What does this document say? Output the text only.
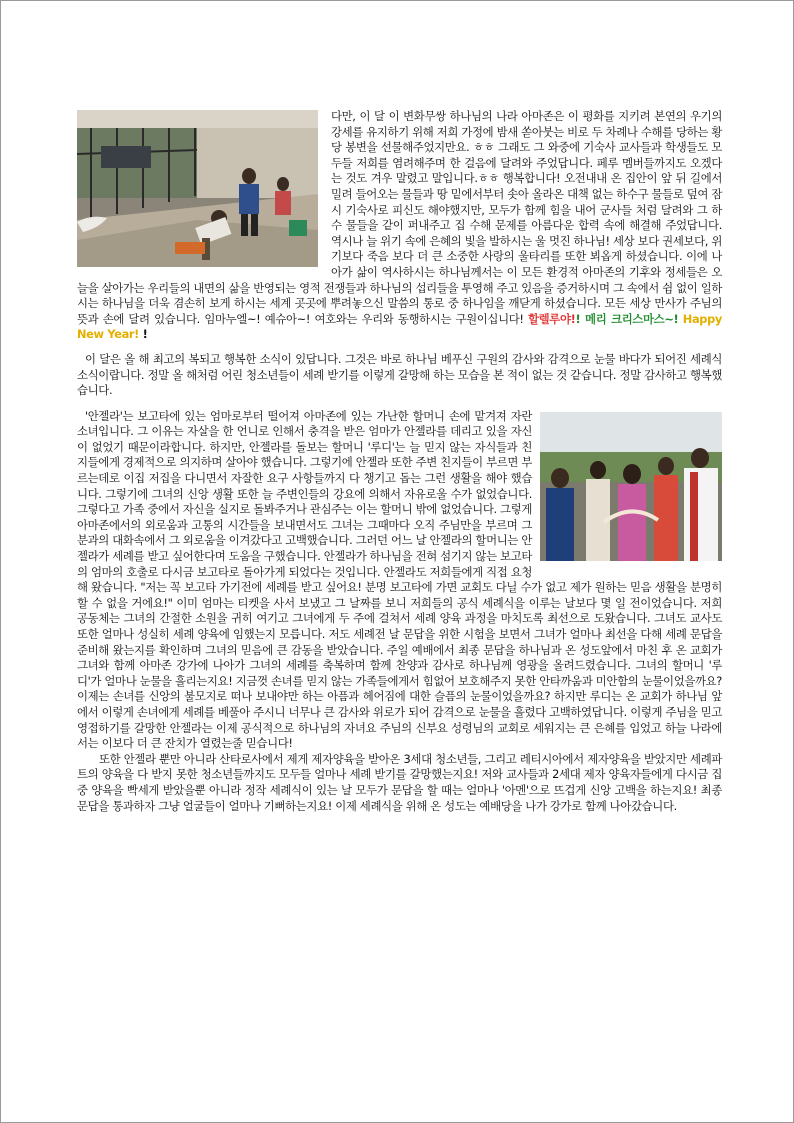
다만, 이 달 이 변화무쌍 하나님의 나라 아마존은 이 평화를 지키려 본연의 우기의 강세를 유지하기 위해 저희 가정에 밤새 쏟아붓는 비로 두 차례나 수해를 당하는 황당 봉변을 선물해주었지만요. ㅎㅎ 그래도 그 와중에 기숙사 교사들과 학생들도 모두들 저희를 염려해주며 한 걸음에 달려와 주었답니다. 페루 멤버들까지도 오겠다는 것도 겨우 말렸고 말입니다.ㅎㅎ 행복합니다! 오전내내 온 집안이 앞 뒤 길에서 밀려 들어오는 물들과 땅 밑에서부터 솟아 올라온 대책 없는 하수구 물들로 덮여 잠시 기숙사로 피신도 해야했지만, 모두가 함께 힘을 내어 군사들 처럼 달려와 그 하수 물들을 같이 퍼내주고 집 수해 문제를 아름다운 합력 속에 해결해 주었답니다. 역시나 늘 위기 속에 은혜의 빛을 발하시는 울 멋진 하나님! 세상 보다 권세보다, 위기보다 죽음 보다 더 큰 소중한 사랑의 울타리를 또한 뵈옵게 하셨습니다. 이에 나아가 삶이 역사하시는 하나님께서는 이 모든 환경적 아마존의 기후와 정세들은 오늘을 살아가는 우리들의 내면의 삶을 반영되는 영적 전쟁들과 하나님의 섭리들을 투영해 주고 있음을 증거하시며 그 속에서 쉼 없이 일하시는 하나님을 더욱 겸손히 보게 하시는 세계 곳곳에 뿌려놓으신 말씀의 통로 중 하나임을 깨닫게 하셨습니다. 모든 세상 만사가 주님의 뜻과 손에 달려 있습니다. 임마누엘~! 예슈아~! 여호와는 우리와 동행하시는 구원이십니다! 할렐루야!! 메리 크리스마스~! Happy New Year! !

이 달은 올 해 최고의 복되고 행복한 소식이 있답니다. 그것은 바로 하나님 베푸신 구원의 감사와 감격으로 눈물 바다가 되어진 세례식 소식이랍니다. 정말 올 해처럼 어린 청소년들이 세례 받기를 이렇게 갈망해 하는 모습을 본 적이 없는 것 같습니다. 정말 감사하고 행복했습니다.

'안젤라'는 보고타에 있는 엄마로부터 떨어져 아마존에 있는 가난한 할머니 손에 맡겨져 자란 소녀입니다. 그 이유는 자살을 한 언니로 인해서 충격을 받은 엄마가 안젤라를 데리고 있을 자신이 없었기 때문이라합니다. 하지만, 안젤라를 돌보는 할머니 '루디'는 늘 믿지 않는 자식들과 친지들에게 경제적으로 의지하며 살아야 했습니다. 그렇기에 안젤라 또한 주변 친지들이 부르면 부르는데로 이집 저집을 다니면서 자잘한 요구 사항들까지 다 챙기고 돕는 그런 생활을 해야 했습니다. 그렇기에 그녀의 신앙 생활 또한 늘 주변인들의 강요에 의해서 자유로울 수가 없었습니다. 그렇다고 가족 중에서 자신을 실지로 돌봐주거나 관심주는 이는 할머니 밖에 없었습니다. 그렇게 아마존에서의 외로움과 고통의 시간들을 보내면서도 그녀는 그때마다 오직 주님만을 부르며 그분과의 대화속에서 그 외로움을 이겨갔다고 고백했습니다. 그러던 어느 날 안젤라의 할머니는 안젤라가 세례를 받고 싶어한다며 도움을 구했습니다. 안젤라가 하나님을 전혀 섬기지 않는 보고타의 엄마의 호출로 다시금 보고타로 돌아가게 되었다는 것입니다. 안젤라도 저희들에게 직접 요청해 왔습니다. "저는 꼭 보고타 가기전에 세례를 받고 싶어요! 분명 보고타에 가면 교회도 다닐 수가 없고 제가 원하는 믿음 생활을 분명히 할 수 없을 거에요!" 이미 엄마는 티켓을 사서 보냈고 그 날짜를 보니 저희들의 공식 세례식을 이루는 날보다 몇 일 전이었습니다. 저희 공동체는 그녀의 간절한 소원을 귀히 여기고 그녀에게 두 주에 걸쳐서 세례 양육 과정을 마치도록 최선으로 도왔습니다. 그녀도 교사도 또한 얼마나 성실히 세례 양육에 임했는지 모릅니다. 저도 세례전 날 문답을 위한 시험을 보면서 그녀가 얼마나 최선을 다해 세례 문답을 준비해 왔는지를 확인하며 그녀의 믿음에 큰 감동을 받았습니다. 주일 예배에서 최종 문답을 하나님과 온 성도앞에서 마친 후 온 교회가 그녀와 함께 아마존 강가에 나아가 그녀의 세례를 축복하며 함께 찬양과 감사로 하나님께 영광을 올려드렸습니다. 그녀의 할머니 '루디'가 얼마나 눈물을 흘리는지요! 지금껏 손녀를 믿지 않는 가족들에게서 힘없어 보호해주지 못한 안타까움과 미안함의 눈물이었을까요? 이제는 손녀를 신앙의 불모지로 떠나 보내야만 하는 아픔과 헤어짐에 대한 슬픔의 눈물이었을까요? 하지만 루디는 온 교회가 하나님 앞에서 이렇게 손녀에게 세례를 베풀아 주시니 너무나 큰 감사와 위로가 되어 감격으로 눈물을 흘렸다 고백하였답니다. 이렇게 주님을 믿고 영접하기를 갈망한 안젤라는 이제 공식적으로 하나님의 자녀요 주님의 신부요 성령님의 교회로 세워지는 큰 은혜를 입었고 하늘 나라에서는 이보다 더 큰 잔치가 열렸는줄 믿습니다!

또한 안젤라 뿐만 아니라 산타로사에서 제게 제자양육을 받아온 3세대 청소년들, 그리고 레티시아에서 제자양육을 받았지만 세례파트의 양육을 다 받지 못한 청소년들까지도 모두들 얼마나 세례 받기를 갈망했는지요! 저와 교사들과 2세대 제자 양육자들에게 다시금 집중 양육을 빡세게 받았을뿐 아니라 정작 세례식이 있는 날 모두가 문답을 할 때는 얼마나 '아멘'으로 뜨겁게 신앙 고백을 하는지요! 최종 문답을 통과하자 그냥 얼굴들이 얼마나 기뻐하는지요! 이제 세례식을 위해 온 성도는 예배당을 나가 강가로 함께 나아갔습니다.
